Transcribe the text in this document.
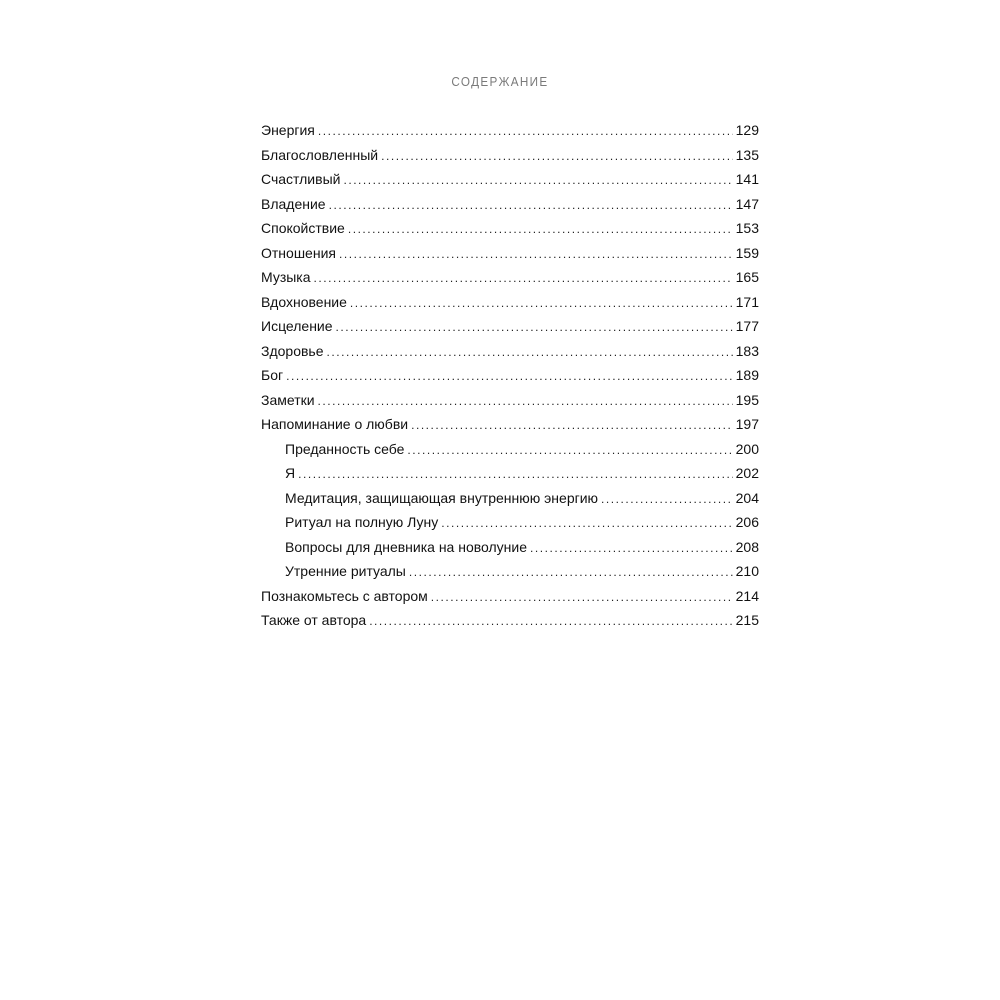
СОДЕРЖАНИЕ
Энергия . . .	129
Благословленный . . .	135
Счастливый . . .	141
Владение . . .	147
Спокойствие . . .	153
Отношения . . .	159
Музыка . . .	165
Вдохновение . . .	171
Исцеление . . .	177
Здоровье . . .	183
Бог . . .	189
Заметки . . .	195
Напоминание о любви . . .	197
Преданность себе . . .	200
Я . . .	202
Медитация, защищающая внутреннюю энергию . . .	204
Ритуал на полную Луну . . .	206
Вопросы для дневника на новолуние . . .	208
Утренние ритуалы . . .	210
Познакомьтесь с автором . . .	214
Также от автора . . .	215
